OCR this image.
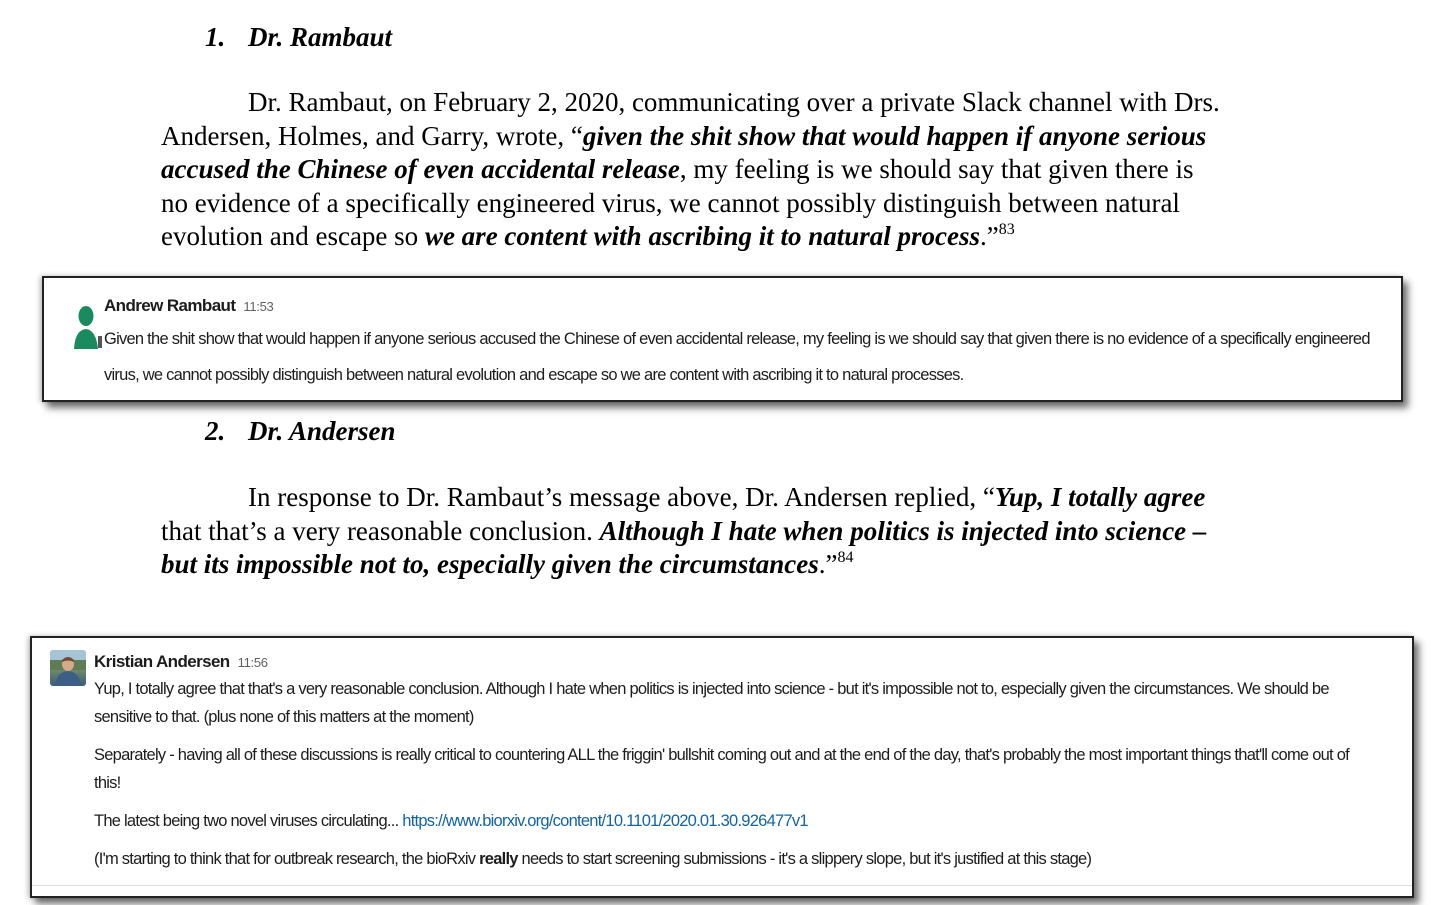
1. Dr. Rambaut
Dr. Rambaut, on February 2, 2020, communicating over a private Slack channel with Drs.
Andersen, Holmes, and Garry, wrote, “given the shit show that would happen if anyone serious
accused the Chinese of even accidental release, my feeling is we should say that given there is
no evidence of a specifically engineered virus, we cannot possibly distinguish between natural
evolution and escape so we are content with ascribing it to natural process.”$^{83}$
Andrew Rambaut 11:53
Given the shit show that would happen if anyone serious accused the Chinese of even accidental release, my feeling is we should say that given there is no evidence of a specifically engineered
virus, we cannot possibly distinguish between natural evolution and escape so we are content with ascribing it to natural processes.
2. Dr. Andersen
In response to Dr. Rambaut’s message above, Dr. Andersen replied, “Yup, I totally agree
that that’s a very reasonable conclusion. Although I hate when politics is injected into science –
but its impossible not to, especially given the circumstances.”$^{84}$
Kristian Andersen 11:56
Yup, I totally agree that that's a very reasonable conclusion. Although I hate when politics is injected into science - but it's impossible not to, especially given the circumstances. We should be
sensitive to that. (plus none of this matters at the moment)
Separately - having all of these discussions is really critical to countering ALL the friggin' bullshit coming out and at the end of the day, that's probably the most important things that'll come out of
this!
The latest being two novel viruses circulating... https://www.biorxiv.org/content/10.1101/2020.01.30.926477v1
(I'm starting to think that for outbreak research, the bioRxiv really needs to start screening submissions - it's a slippery slope, but it's justified at this stage)
